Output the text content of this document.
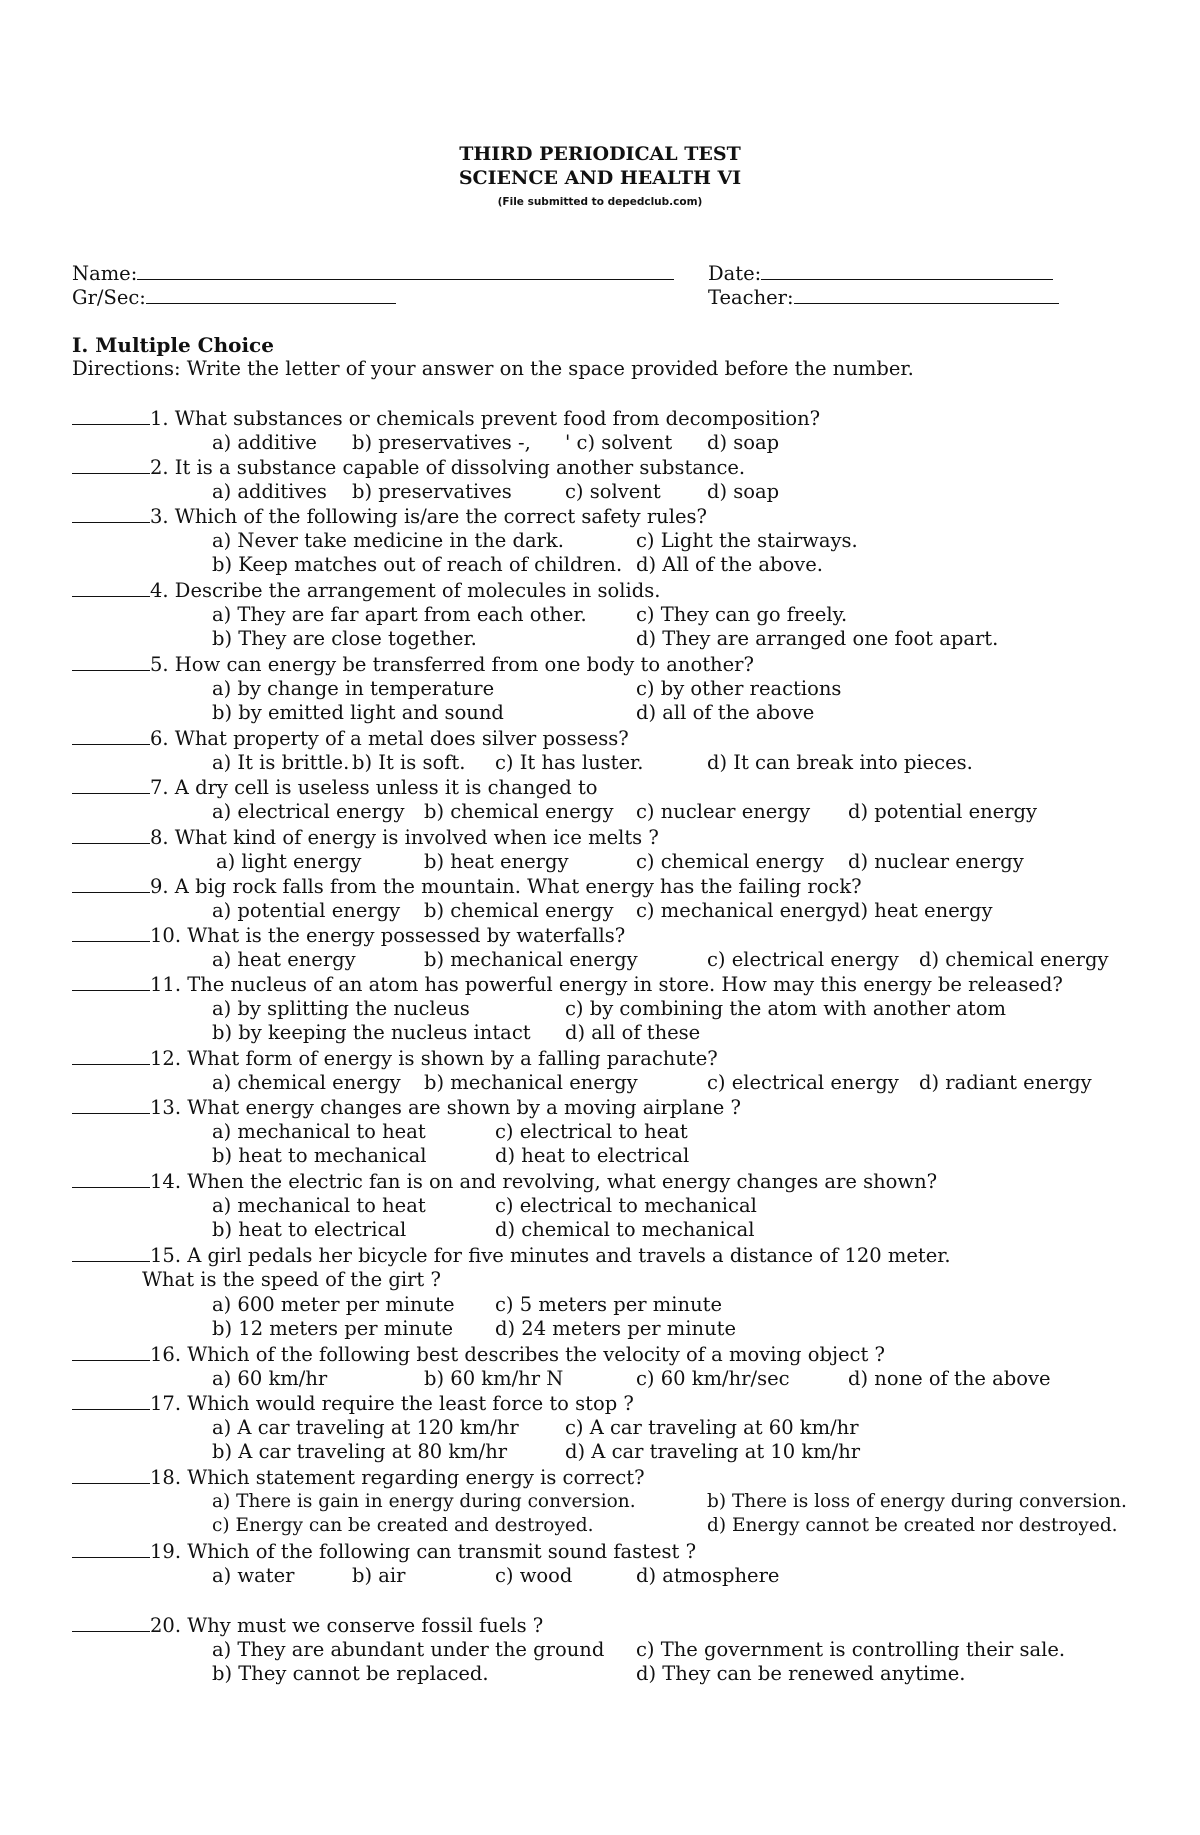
THIRD PERIODICAL TEST
SCIENCE AND HEALTH VI
(File submitted to depedclub.com)
Name:	Date:
Gr/Sec:	Teacher:
I. Multiple Choice
Directions: Write the letter of your answer on the space provided before the number.
1. What substances or chemicals prevent food from decomposition?
a) additive b) preservatives -, ' c) solvent d) soap
2. It is a substance capable of dissolving another substance.
a) additives b) preservatives	c) solvent d) soap
3. Which of the following is/are the correct safety rules?
a) Never take medicine in the dark.	c) Light the stairways.
b) Keep matches out of reach of children. d) All of the above.
4. Describe the arrangement of molecules in solids.
a) They are far apart from each other.	c) They can go freely.
b) They are close together.	d) They are arranged one foot apart.
5. How can energy be transferred from one body to another?
a) by change in temperature	c) by other reactions
b) by emitted light and sound	d) all of the above
6. What property of a metal does silver possess?
a) It is brittle. b) It is soft. c) It has luster.	d) It can break into pieces.
7. A dry cell is useless unless it is changed to
a) electrical energy b) chemical energy c) nuclear energy d) potential energy
8. What kind of energy is involved when ice melts ?
a) light energy	b) heat energy	c) chemical energy d) nuclear energy
9. A big rock falls from the mountain. What energy has the failing rock?
a) potential energy b) chemical energy c) mechanical energy d) heat energy
10. What is the energy possessed by waterfalls?
a) heat energy	b) mechanical energy	c) electrical energy d) chemical energy
11. The nucleus of an atom has powerful energy in store. How may this energy be released?
a) by splitting the nucleus	c) by combining the atom with another atom
b) by keeping the nucleus intact d) all of these
12. What form of energy is shown by a falling parachute?
a) chemical energy b) mechanical energy	c) electrical energy d) radiant energy
13. What energy changes are shown by a moving airplane ?
a) mechanical to heat	c) electrical to heat
b) heat to mechanical	d) heat to electrical
14. When the electric fan is on and revolving, what energy changes are shown?
a) mechanical to heat	c) electrical to mechanical
b) heat to electrical	d) chemical to mechanical
15. A girl pedals her bicycle for five minutes and travels a distance of 120 meter.
What is the speed of the girt ?
a) 600 meter per minute c) 5 meters per minute
b) 12 meters per minute d) 24 meters per minute
16. Which of the following best describes the velocity of a moving object ?
a) 60 km/hr	b) 60 km/hr N	c) 60 km/hr/sec	d) none of the above
17. Which would require the least force to stop ?
a) A car traveling at 120 km/hr c) A car traveling at 60 km/hr
b) A car traveling at 80 km/hr	d) A car traveling at 10 km/hr
18. Which statement regarding energy is correct?
a) There is gain in energy during conversion.	b) There is loss of energy during conversion.
c) Energy can be created and destroyed.	d) Energy cannot be created nor destroyed.
19. Which of the following can transmit sound fastest ?
a) water	b) air	c) wood	d) atmosphere
20. Why must we conserve fossil fuels ?
a) They are abundant under the ground c) The government is controlling their sale.
b) They cannot be replaced.	d) They can be renewed anytime.
